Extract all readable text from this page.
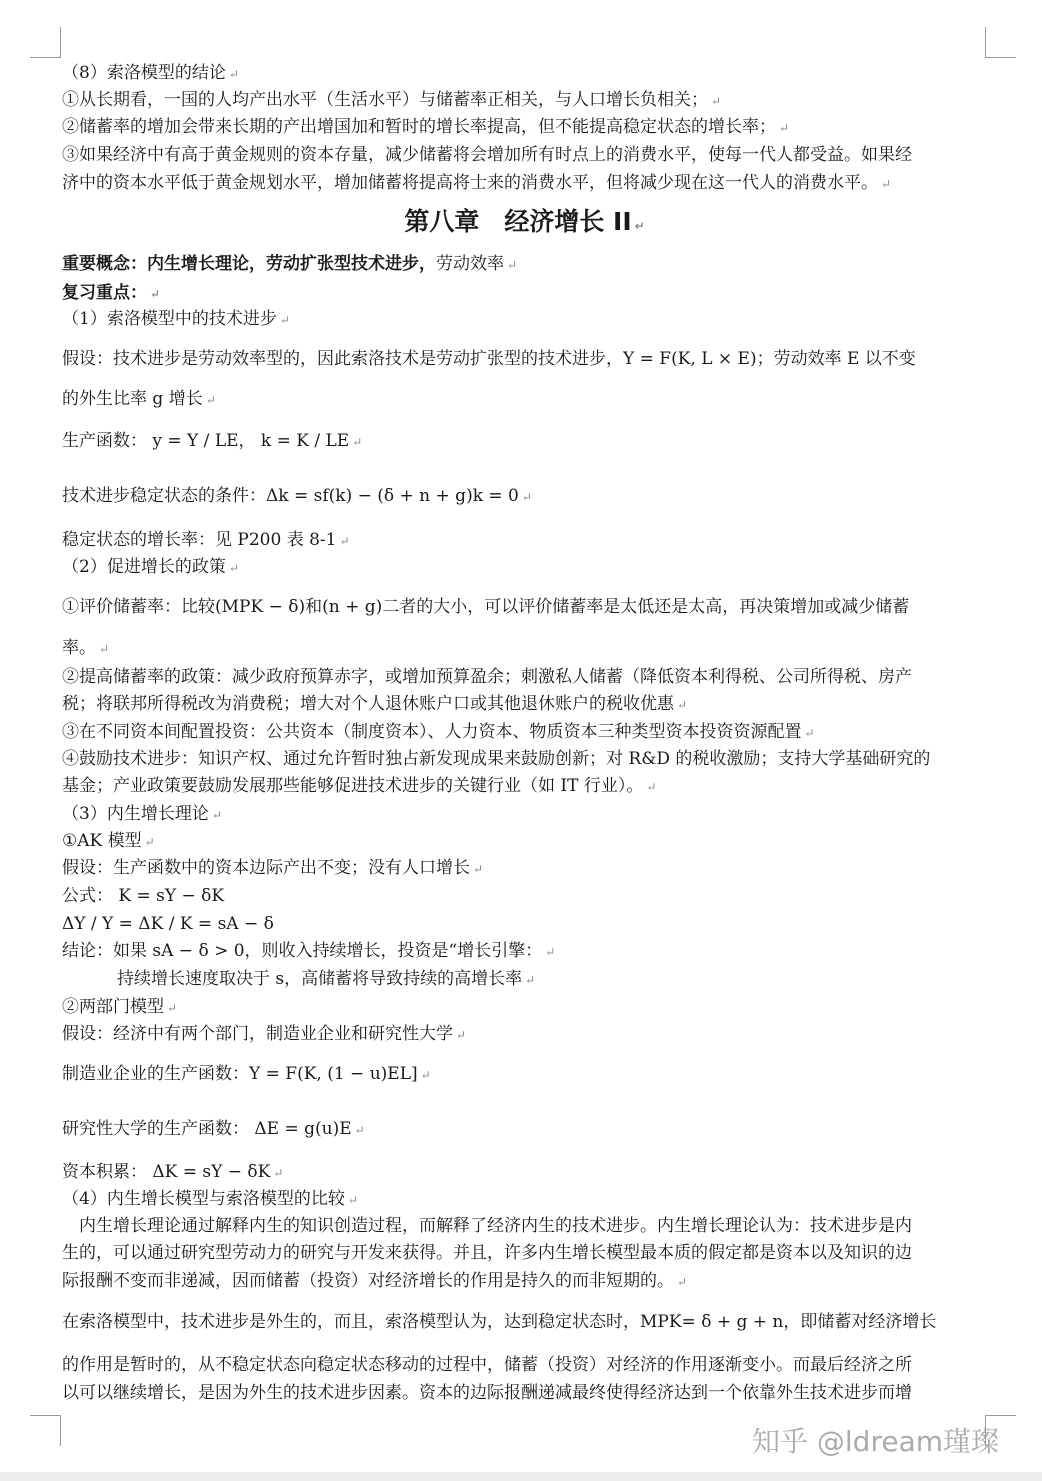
（8）索洛模型的结论 ↵
①从长期看，一国的人均产出水平（生活水平）与储蓄率正相关，与人口增长负相关； ↵
②储蓄率的增加会带来长期的产出增国加和暂时的增长率提高，但不能提高稳定状态的增长率； ↵
③如果经济中有高于黄金规则的资本存量，减少储蓄将会增加所有时点上的消费水平，使每一代人都受益。如果经
济中的资本水平低于黄金规划水平，增加储蓄将提高将士来的消费水平，但将减少现在这一代人的消费水平。 ↵
第八章　经济增长 II ↵
重要概念：内生增长理论，劳动扩张型技术进步，劳动效率 ↵
复习重点： ↵
（1）索洛模型中的技术进步 ↵
假设：技术进步是劳动效率型的，因此索洛技术是劳动扩张型的技术进步，Y = F(K, L × E)；劳动效率 E 以不变
的外生比率 g 增长 ↵
生产函数： y = Y / LE， k = K / LE ↵
技术进步稳定状态的条件：Δk = sf(k) − (δ + n + g)k = 0 ↵
稳定状态的增长率：见 P200 表 8-1 ↵
（2）促进增长的政策 ↵
①评价储蓄率：比较(MPK − δ)和(n + g)二者的大小，可以评价储蓄率是太低还是太高，再决策增加或减少储蓄
率。 ↵
②提高储蓄率的政策：减少政府预算赤字，或增加预算盈余；刺激私人储蓄（降低资本利得税、公司所得税、房产
税；将联邦所得税改为消费税；增大对个人退休账户口或其他退休账户的税收优惠 ↵
③在不同资本间配置投资：公共资本（制度资本）、人力资本、物质资本三种类型资本投资资源配置 ↵
④鼓励技术进步：知识产权、通过允许暂时独占新发现成果来鼓励创新；对 R&D 的税收激励；支持大学基础研究的
基金；产业政策要鼓励发展那些能够促进技术进步的关键行业（如 IT 行业）。 ↵
（3）内生增长理论 ↵
①AK 模型 ↵
假设：生产函数中的资本边际产出不变；没有人口增长 ↵
公式： K = sY − δK
ΔY / Y = ΔK / K = sA − δ
结论：如果 sA − δ > 0，则收入持续增长，投资是“增长引擎： ↵
持续增长速度取决于 s，高储蓄将导致持续的高增长率 ↵
②两部门模型 ↵
假设：经济中有两个部门，制造业企业和研究性大学 ↵
制造业企业的生产函数：Y = F(K, (1 − u)EL] ↵
研究性大学的生产函数： ΔE = g(u)E ↵
资本积累： ΔK = sY − δK ↵
（4）内生增长模型与索洛模型的比较 ↵
　内生增长理论通过解释内生的知识创造过程，而解释了经济内生的技术进步。内生增长理论认为：技术进步是内
生的，可以通过研究型劳动力的研究与开发来获得。并且，许多内生增长模型最本质的假定都是资本以及知识的边
际报酬不变而非递减，因而储蓄（投资）对经济增长的作用是持久的而非短期的。 ↵
在索洛模型中，技术进步是外生的，而且，索洛模型认为，达到稳定状态时，MPK= δ + g + n，即储蓄对经济增长
的作用是暂时的，从不稳定状态向稳定状态移动的过程中，储蓄（投资）对经济的作用逐渐变小。而最后经济之所
以可以继续增长，是因为外生的技术进步因素。资本的边际报酬递减最终使得经济达到一个依靠外生技术进步而增
知乎 @ldream瑾璨
